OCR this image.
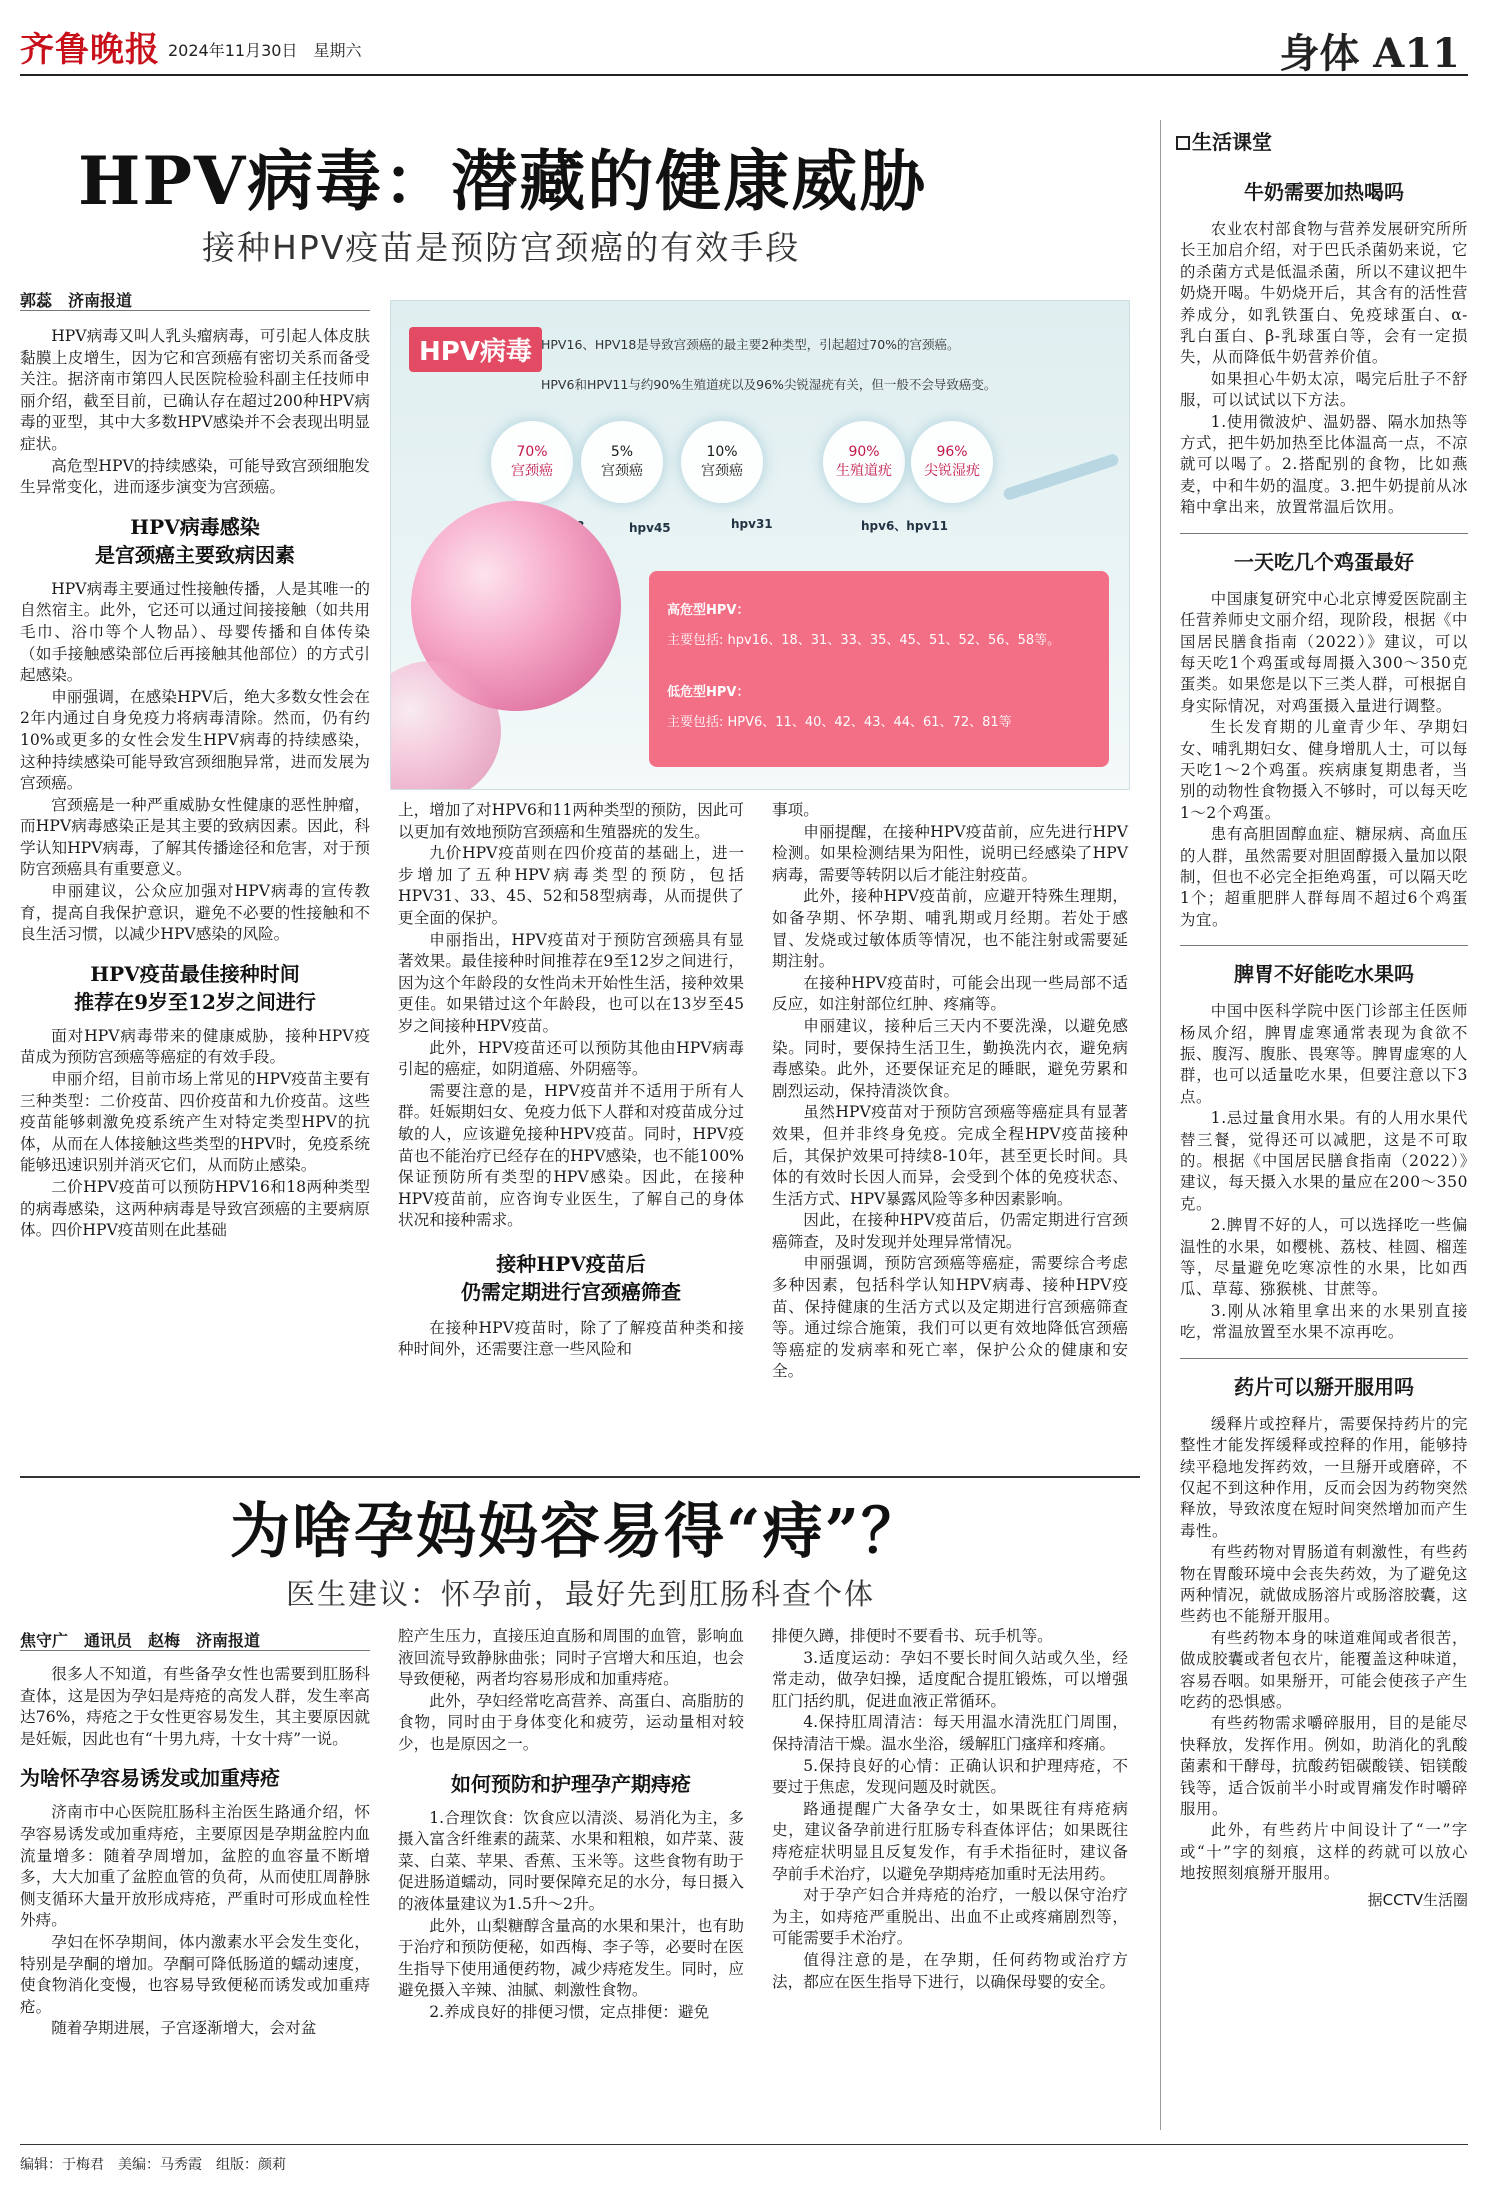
齐鲁晚报 2024年11月30日　星期六	身体 A11
HPV病毒：潜藏的健康威胁
接种HPV疫苗是预防宫颈癌的有效手段
郭蕊　济南报道

HPV病毒又叫人乳头瘤病毒，可引起人体皮肤黏膜上皮增生，因为它和宫颈癌有密切关系而备受关注。据济南市第四人民医院检验科副主任技师申丽介绍，截至目前，已确认存在超过200种HPV病毒的亚型，其中大多数HPV感染并不会表现出明显症状。

高危型HPV的持续感染，可能导致宫颈细胞发生异常变化，进而逐步演变为宫颈癌。

HPV病毒感染
是宫颈癌主要致病因素

HPV病毒主要通过性接触传播，人是其唯一的自然宿主。此外，它还可以通过间接接触（如共用毛巾、浴巾等个人物品）、母婴传播和自体传染（如手接触感染部位后再接触其他部位）的方式引起感染。

申丽强调，在感染HPV后，绝大多数女性会在2年内通过自身免疫力将病毒清除。然而，仍有约10%或更多的女性会发生HPV病毒的持续感染，这种持续感染可能导致宫颈细胞异常，进而发展为宫颈癌。

宫颈癌是一种严重威胁女性健康的恶性肿瘤，而HPV病毒感染正是其主要的致病因素。因此，科学认知HPV病毒，了解其传播途径和危害，对于预防宫颈癌具有重要意义。

申丽建议，公众应加强对HPV病毒的宣传教育，提高自我保护意识，避免不必要的性接触和不良生活习惯，以减少HPV感染的风险。

HPV疫苗最佳接种时间
推荐在9岁至12岁之间进行

面对HPV病毒带来的健康威胁，接种HPV疫苗成为预防宫颈癌等癌症的有效手段。

申丽介绍，目前市场上常见的HPV疫苗主要有三种类型：二价疫苗、四价疫苗和九价疫苗。这些疫苗能够刺激免疫系统产生对特定类型HPV的抗体，从而在人体接触这些类型的HPV时，免疫系统能够迅速识别并消灭它们，从而防止感染。

二价HPV疫苗可以预防HPV16和18两种类型的病毒感染，这两种病毒是导致宫颈癌的主要病原体。四价HPV疫苗则在此基础

HPV病毒 HPV16、HPV18是导致宫颈癌的最主要2种类型，引起超过70%的宫颈癌。
HPV6和HPV11与约90%生殖道疣以及96%尖锐湿疣有关，但一般不会导致癌变。
70%
宫颈癌
5%
宫颈癌
10%
宫颈癌
90%
生殖道疣
96%
尖锐湿疣
hpv45	hpv31	hpv6、hpv11
高危型HPV：
主要包括: hpv16、18、31、33、35、45、51、52、56、58等。
低危型HPV：
主要包括: HPV6、11、40、42、43、44、61、72、81等

上，增加了对HPV6和11两种类型的预防，因此可以更加有效地预防宫颈癌和生殖器疣的发生。

九价HPV疫苗则在四价疫苗的基础上，进一步增加了五种HPV病毒类型的预防，包括HPV31、33、45、52和58型病毒，从而提供了更全面的保护。

申丽指出，HPV疫苗对于预防宫颈癌具有显著效果。最佳接种时间推荐在9至12岁之间进行，因为这个年龄段的女性尚未开始性生活，接种效果更佳。如果错过这个年龄段，也可以在13岁至45岁之间接种HPV疫苗。

此外，HPV疫苗还可以预防其他由HPV病毒引起的癌症，如阴道癌、外阴癌等。

需要注意的是，HPV疫苗并不适用于所有人群。妊娠期妇女、免疫力低下人群和对疫苗成分过敏的人，应该避免接种HPV疫苗。同时，HPV疫苗也不能治疗已经存在的HPV感染，也不能100%保证预防所有类型的HPV感染。因此，在接种HPV疫苗前，应咨询专业医生，了解自己的身体状况和接种需求。

接种HPV疫苗后
仍需定期进行宫颈癌筛查

在接种HPV疫苗时，除了了解疫苗种类和接种时间外，还需要注意一些风险和

事项。

申丽提醒，在接种HPV疫苗前，应先进行HPV检测。如果检测结果为阳性，说明已经感染了HPV病毒，需要等转阴以后才能注射疫苗。

此外，接种HPV疫苗前，应避开特殊生理期，如备孕期、怀孕期、哺乳期或月经期。若处于感冒、发烧或过敏体质等情况，也不能注射或需要延期注射。

在接种HPV疫苗时，可能会出现一些局部不适反应，如注射部位红肿、疼痛等。

申丽建议，接种后三天内不要洗澡，以避免感染。同时，要保持生活卫生，勤换洗内衣，避免病毒感染。此外，还要保证充足的睡眠，避免劳累和剧烈运动，保持清淡饮食。

虽然HPV疫苗对于预防宫颈癌等癌症具有显著效果，但并非终身免疫。完成全程HPV疫苗接种后，其保护效果可持续8-10年，甚至更长时间。具体的有效时长因人而异，会受到个体的免疫状态、生活方式、HPV暴露风险等多种因素影响。

因此，在接种HPV疫苗后，仍需定期进行宫颈癌筛查，及时发现并处理异常情况。

申丽强调，预防宫颈癌等癌症，需要综合考虑多种因素，包括科学认知HPV病毒、接种HPV疫苗、保持健康的生活方式以及定期进行宫颈癌筛查等。通过综合施策，我们可以更有效地降低宫颈癌等癌症的发病率和死亡率，保护公众的健康和安全。

为啥孕妈妈容易得“痔”？
医生建议：怀孕前，最好先到肛肠科查个体
焦守广　通讯员　赵梅　济南报道

很多人不知道，有些备孕女性也需要到肛肠科查体，这是因为孕妇是痔疮的高发人群，发生率高达76%，痔疮之于女性更容易发生，其主要原因就是妊娠，因此也有“十男九痔，十女十痔”一说。

为啥怀孕容易诱发或加重痔疮

济南市中心医院肛肠科主治医生路通介绍，怀孕容易诱发或加重痔疮，主要原因是孕期盆腔内血流量增多：随着孕周增加，盆腔的血容量不断增多，大大加重了盆腔血管的负荷，从而使肛周静脉侧支循环大量开放形成痔疮，严重时可形成血栓性外痔。

孕妇在怀孕期间，体内激素水平会发生变化，特别是孕酮的增加。孕酮可降低肠道的蠕动速度，使食物消化变慢，也容易导致便秘而诱发或加重痔疮。

随着孕期进展，子宫逐渐增大，会对盆

腔产生压力，直接压迫直肠和周围的血管，影响血液回流导致静脉曲张；同时子宫增大和压迫，也会导致便秘，两者均容易形成和加重痔疮。

此外，孕妇经常吃高营养、高蛋白、高脂肪的食物，同时由于身体变化和疲劳，运动量相对较少，也是原因之一。

如何预防和护理孕产期痔疮

1.合理饮食：饮食应以清淡、易消化为主，多摄入富含纤维素的蔬菜、水果和粗粮，如芹菜、菠菜、白菜、苹果、香蕉、玉米等。这些食物有助于促进肠道蠕动，同时要保障充足的水分，每日摄入的液体量建议为1.5升～2升。

此外，山梨糖醇含量高的水果和果汁，也有助于治疗和预防便秘，如西梅、李子等，必要时在医生指导下使用通便药物，减少痔疮发生。同时，应避免摄入辛辣、油腻、刺激性食物。

2.养成良好的排便习惯，定点排便：避免

排便久蹲，排便时不要看书、玩手机等。

3.适度运动：孕妇不要长时间久站或久坐，经常走动，做孕妇操，适度配合提肛锻炼，可以增强肛门括约肌，促进血液正常循环。

4.保持肛周清洁：每天用温水清洗肛门周围，保持清洁干燥。温水坐浴，缓解肛门瘙痒和疼痛。

5.保持良好的心情：正确认识和护理痔疮，不要过于焦虑，发现问题及时就医。

路通提醒广大备孕女士，如果既往有痔疮病史，建议备孕前进行肛肠专科查体评估；如果既往痔疮症状明显且反复发作，有手术指征时，建议备孕前手术治疗，以避免孕期痔疮加重时无法用药。

对于孕产妇合并痔疮的治疗，一般以保守治疗为主，如痔疮严重脱出、出血不止或疼痛剧烈等，可能需要手术治疗。

值得注意的是，在孕期，任何药物或治疗方法，都应在医生指导下进行，以确保母婴的安全。

生活课堂
牛奶需要加热喝吗

农业农村部食物与营养发展研究所所长王加启介绍，对于巴氏杀菌奶来说，它的杀菌方式是低温杀菌，所以不建议把牛奶烧开喝。牛奶烧开后，其含有的活性营养成分，如乳铁蛋白、免疫球蛋白、α-乳白蛋白、β-乳球蛋白等，会有一定损失，从而降低牛奶营养价值。

如果担心牛奶太凉，喝完后肚子不舒服，可以试试以下方法。

1.使用微波炉、温奶器、隔水加热等方式，把牛奶加热至比体温高一点，不凉就可以喝了。2.搭配别的食物，比如燕麦，中和牛奶的温度。3.把牛奶提前从冰箱中拿出来，放置常温后饮用。

一天吃几个鸡蛋最好

中国康复研究中心北京博爱医院副主任营养师史文丽介绍，现阶段，根据《中国居民膳食指南（2022）》建议，可以每天吃1个鸡蛋或每周摄入300～350克蛋类。如果您是以下三类人群，可根据自身实际情况，对鸡蛋摄入量进行调整。

生长发育期的儿童青少年、孕期妇女、哺乳期妇女、健身增肌人士，可以每天吃1～2个鸡蛋。疾病康复期患者，当别的动物性食物摄入不够时，可以每天吃1～2个鸡蛋。

患有高胆固醇血症、糖尿病、高血压的人群，虽然需要对胆固醇摄入量加以限制，但也不必完全拒绝鸡蛋，可以隔天吃1个；超重肥胖人群每周不超过6个鸡蛋为宜。

脾胃不好能吃水果吗

中国中医科学院中医门诊部主任医师杨凤介绍，脾胃虚寒通常表现为食欲不振、腹泻、腹胀、畏寒等。脾胃虚寒的人群，也可以适量吃水果，但要注意以下3点。

1.忌过量食用水果。有的人用水果代替三餐，觉得还可以减肥，这是不可取的。根据《中国居民膳食指南（2022）》建议，每天摄入水果的量应在200～350克。

2.脾胃不好的人，可以选择吃一些偏温性的水果，如樱桃、荔枝、桂圆、榴莲等，尽量避免吃寒凉性的水果，比如西瓜、草莓、猕猴桃、甘蔗等。

3.刚从冰箱里拿出来的水果别直接吃，常温放置至水果不凉再吃。

药片可以掰开服用吗

缓释片或控释片，需要保持药片的完整性才能发挥缓释或控释的作用，能够持续平稳地发挥药效，一旦掰开或磨碎，不仅起不到这种作用，反而会因为药物突然释放，导致浓度在短时间突然增加而产生毒性。

有些药物对胃肠道有刺激性，有些药物在胃酸环境中会丧失药效，为了避免这两种情况，就做成肠溶片或肠溶胶囊，这些药也不能掰开服用。

有些药物本身的味道难闻或者很苦，做成胶囊或者包衣片，能覆盖这种味道，容易吞咽。如果掰开，可能会使孩子产生吃药的恐惧感。

有些药物需求嚼碎服用，目的是能尽快释放，发挥作用。例如，助消化的乳酸菌素和干酵母，抗酸药铝碳酸镁、铝镁酸钱等，适合饭前半小时或胃痛发作时嚼碎服用。

此外，有些药片中间设计了“一”字或“十”字的刻痕，这样的药就可以放心地按照刻痕掰开服用。

据CCTV生活圈
编辑：于梅君　美编：马秀霞　组版：颜莉
